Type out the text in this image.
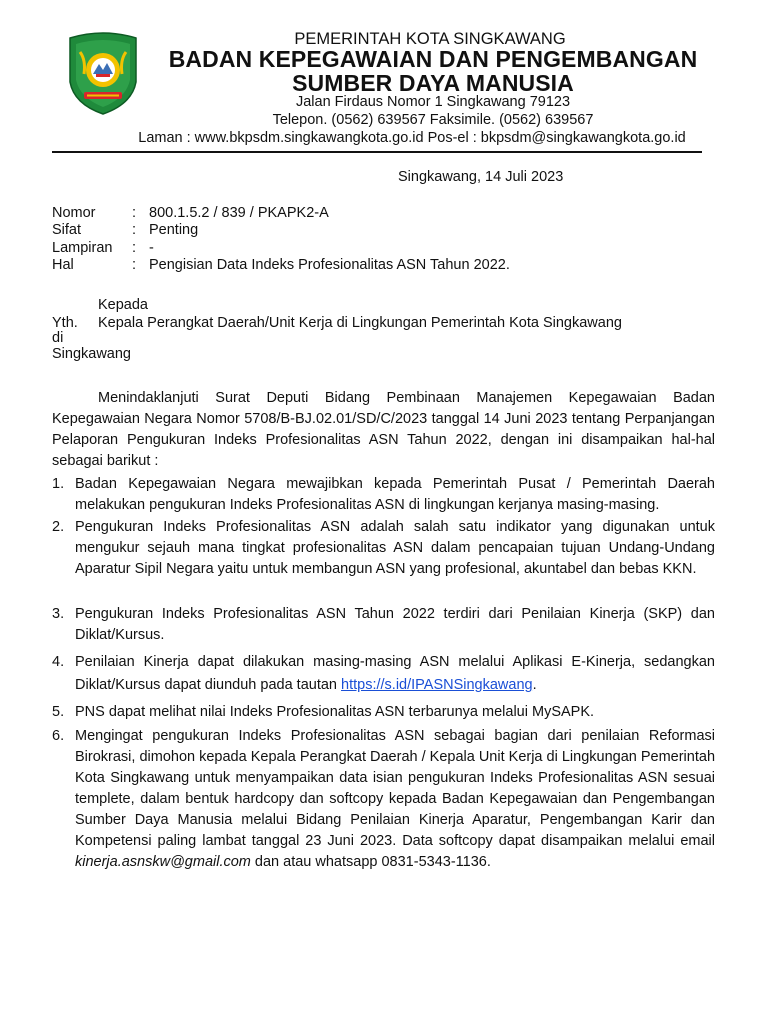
PEMERINTAH KOTA SINGKAWANG
BADAN KEPEGAWAIAN DAN PENGEMBANGAN
SUMBER DAYA MANUSIA
Jalan Firdaus Nomor 1 Singkawang 79123
Telepon. (0562) 639567 Faksimile. (0562) 639567
Laman : www.bkpsdm.singkawangkota.go.id Pos-el : bkpsdm@singkawangkota.go.id
Singkawang, 14 Juli 2023
Nomor	: 800.1.5.2 / 839 / PKAPK2-A
Sifat	: Penting
Lampiran : -
Hal	: Pengisian Data Indeks Profesionalitas ASN Tahun 2022.
Kepada
Yth. Kepala Perangkat Daerah/Unit Kerja di Lingkungan Pemerintah Kota Singkawang
di
Singkawang
Menindaklanjuti Surat Deputi Bidang Pembinaan Manajemen Kepegawaian Badan Kepegawaian Negara Nomor 5708/B-BJ.02.01/SD/C/2023 tanggal 14 Juni 2023 tentang Perpanjangan Pelaporan Pengukuran Indeks Profesionalitas ASN Tahun 2022, dengan ini disampaikan hal-hal sebagai barikut :
1. Badan Kepegawaian Negara mewajibkan kepada Pemerintah Pusat / Pemerintah Daerah melakukan pengukuran Indeks Profesionalitas ASN di lingkungan kerjanya masing-masing.
2. Pengukuran Indeks Profesionalitas ASN adalah salah satu indikator yang digunakan untuk mengukur sejauh mana tingkat profesionalitas ASN dalam pencapaian tujuan Undang-Undang Aparatur Sipil Negara yaitu untuk membangun ASN yang profesional, akuntabel dan bebas KKN.
3. Pengukuran Indeks Profesionalitas ASN Tahun 2022 terdiri dari Penilaian Kinerja (SKP) dan Diklat/Kursus.
4. Penilaian Kinerja dapat dilakukan masing-masing ASN melalui Aplikasi E-Kinerja, sedangkan Diklat/Kursus dapat diunduh pada tautan https://s.id/IPASNSingkawang.
5. PNS dapat melihat nilai Indeks Profesionalitas ASN terbarunya melalui MySAPK.
6. Mengingat pengukuran Indeks Profesionalitas ASN sebagai bagian dari penilaian Reformasi Birokrasi, dimohon kepada Kepala Perangkat Daerah / Kepala Unit Kerja di Lingkungan Pemerintah Kota Singkawang untuk menyampaikan data isian pengukuran Indeks Profesionalitas ASN sesuai templete, dalam bentuk hardcopy dan softcopy kepada Badan Kepegawaian dan Pengembangan Sumber Daya Manusia melalui Bidang Penilaian Kinerja Aparatur, Pengembangan Karir dan Kompetensi paling lambat tanggal 23 Juni 2023. Data softcopy dapat disampaikan melalui email kinerja.asnskw@gmail.com dan atau whatsapp 0831-5343-1136.
